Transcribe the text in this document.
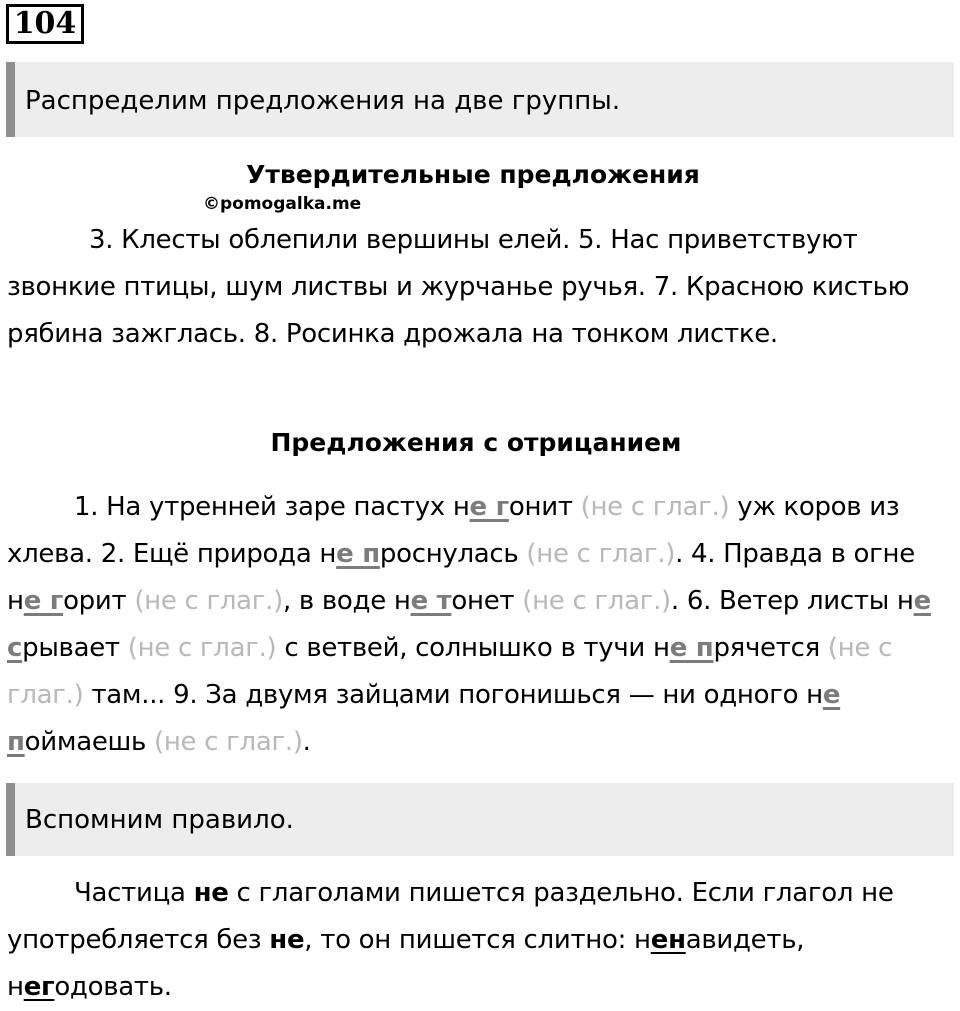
104
Распределим предложения на две группы.
Утвердительные предложения
©pomogalka.me
3. Клесты облепили вершины елей. 5. Нас приветствуют звонкие птицы, шум листвы и журчанье ручья. 7. Красною кистью рябина зажглась. 8. Росинка дрожала на тонком листке.
Предложения с отрицанием
1. На утренней заре пастух не гонит (не с глаг.) уж коров из хлева. 2. Ещё природа не проснулась (не с глаг.). 4. Правда в огне не горит (не с глаг.), в воде не тонет (не с глаг.). 6. Ветер листы не срывает (не с глаг.) с ветвей, солнышко в тучи не прячется (не с глаг.) там... 9. За двумя зайцами погонишься — ни одного не поймаешь (не с глаг.).
Вспомним правило.
Частица не с глаголами пишется раздельно. Если глагол не употребляется без не, то он пишется слитно: ненавидеть, негодовать.
